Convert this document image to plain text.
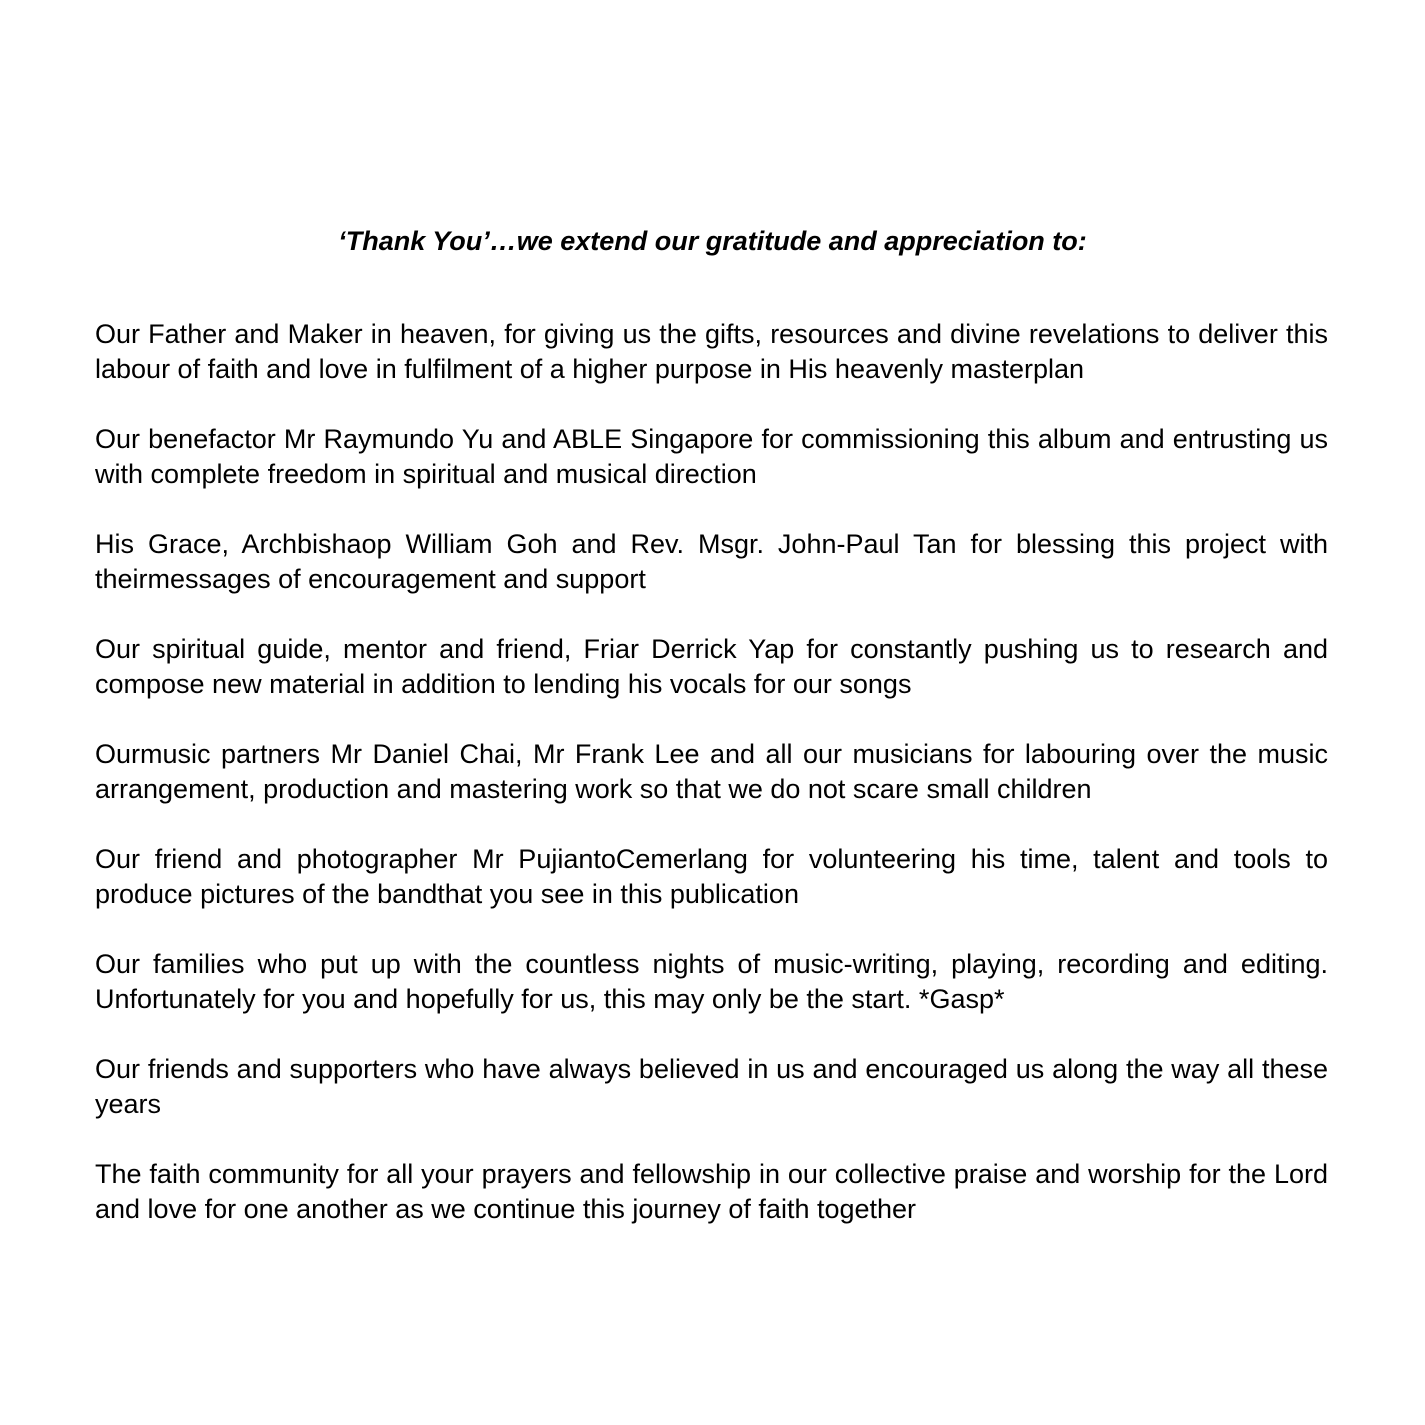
‘Thank You’…we extend our gratitude and appreciation to:

Our Father and Maker in heaven, for giving us the gifts, resources and divine revelations to deliver this labour of faith and love in fulfilment of a higher purpose in His heavenly masterplan

Our benefactor Mr Raymundo Yu and ABLE Singapore for commissioning this album and entrusting us with complete freedom in spiritual and musical direction

His Grace, Archbishaop William Goh and Rev. Msgr. John-Paul Tan for blessing this project with theirmessages of encouragement and support

Our spiritual guide, mentor and friend, Friar Derrick Yap for constantly pushing us to research and compose new material in addition to lending his vocals for our songs

Ourmusic partners Mr Daniel Chai, Mr Frank Lee and all our musicians for labouring over the music arrangement, production and mastering work so that we do not scare small children

Our friend and photographer Mr PujiantoCemerlang for volunteering his time, talent and tools to produce pictures of the bandthat you see in this publication

Our families who put up with the countless nights of music-writing, playing, recording and editing. Unfortunately for you and hopefully for us, this may only be the start. *Gasp*

Our friends and supporters who have always believed in us and encouraged us along the way all these years

The faith community for all your prayers and fellowship in our collective praise and worship for the Lord and love for one another as we continue this journey of faith together
